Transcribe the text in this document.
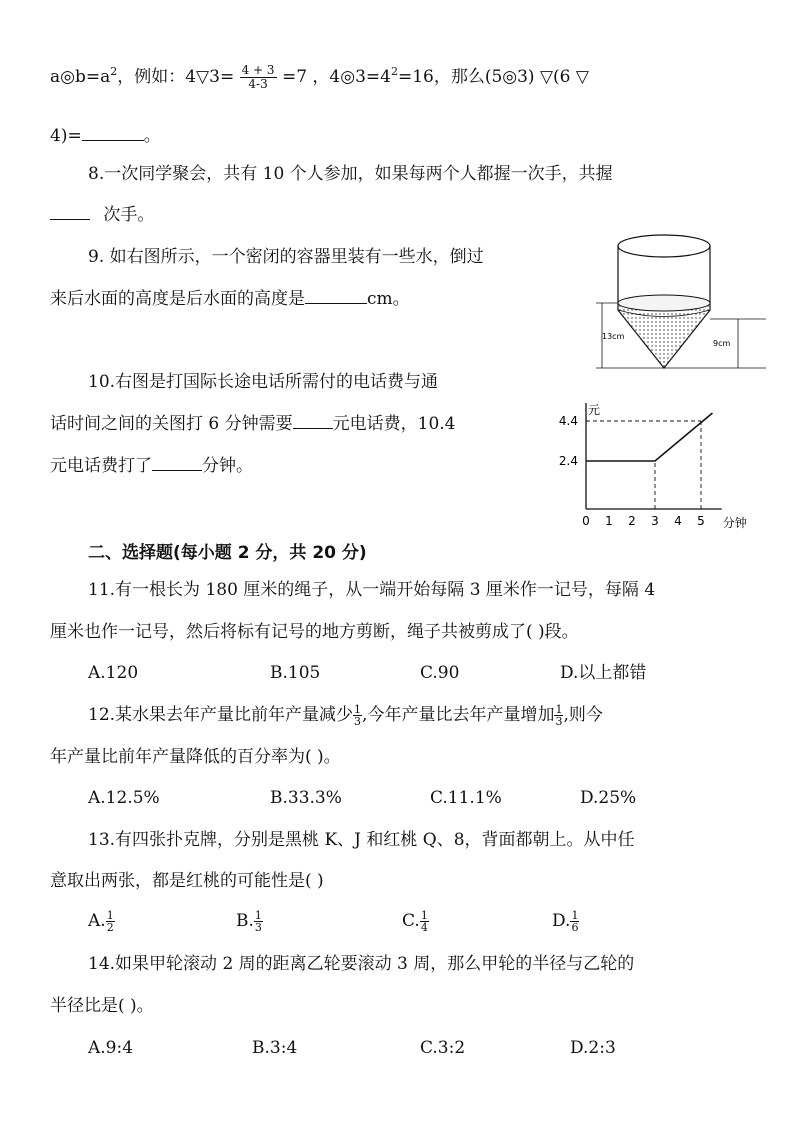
$a◎b=a^2$，例如：4▽3= $\frac{4 + 3}{4-3} =7$ ，$4◎3=4^2=16$，那么(5◎3) ▽(6 ▽
4)=	。
8.一次同学聚会，共有 10 个人参加，如果每两个人都握一次手，共握
次手。
9. 如右图所示，一个密闭的容器里装有一些水，倒过
来后水面的高度是后水面的高度是	cm。
13cm
9cm
10.右图是打国际长途电话所需付的电话费与通
话时间之间的关图打 6 分钟需要 元电话费，10.4
元电话费打了	分钟。
元
分钟
0 1 2 3 4 5
2.4
4.4
二、选择题(每小题 2 分，共 20 分)
11.有一根长为 180 厘米的绳子，从一端开始每隔 3 厘米作一记号，每隔 4
厘米也作一记号，然后将标有记号的地方剪断，绳子共被剪成了( )段。
A.120	B.105	C.90	D.以上都错
12.某水果去年产量比前年产量减少 $\frac{1}{3}$ ,今年产量比去年产量增加 $\frac{1}{3}$ ,则今
年产量比前年产量降低的百分率为( )。
A.12.5%	B.33.3%	C.11.1%	D.25%
13.有四张扑克牌，分别是黑桃 K、J 和红桃 Q、8，背面都朝上。从中任
意取出两张，都是红桃的可能性是( )
A. $\frac{1}{2}$	B. $\frac{1}{3}$	C. $\frac{1}{4}$	D. $\frac{1}{6}$
14.如果甲轮滚动 2 周的距离乙轮要滚动 3 周，那么甲轮的半径与乙轮的
半径比是( )。
A.9:4	B.3:4	C.3:2	D.2:3
